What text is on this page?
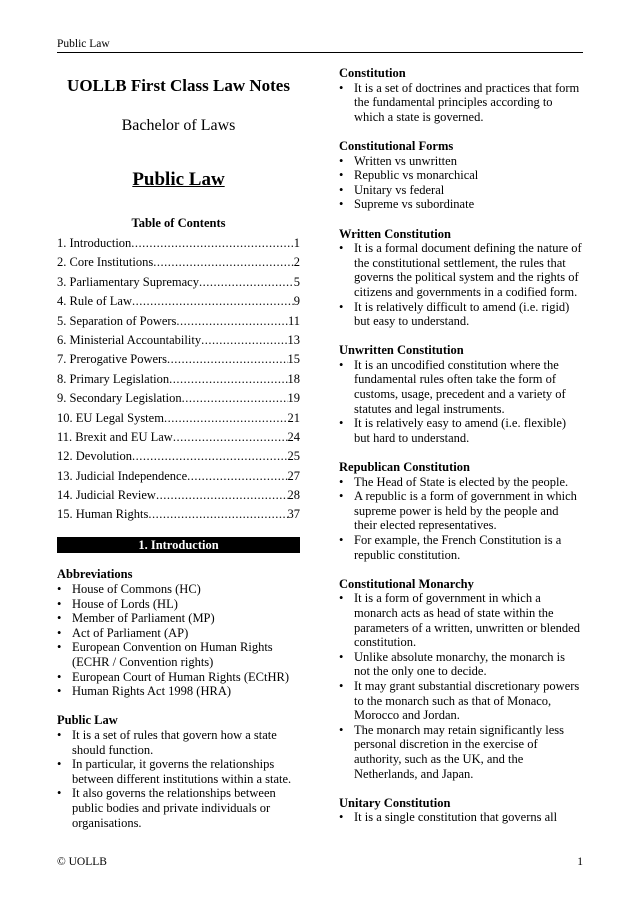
Public Law
UOLLB First Class Law Notes
Bachelor of Laws
Public Law
Table of Contents
1. Introduction .....	1
2. Core Institutions .....	2
3. Parliamentary Supremacy .....	5
4. Rule of Law .....	9
5. Separation of Powers .....	11
6. Ministerial Accountability .....	13
7. Prerogative Powers .....	15
8. Primary Legislation .....	18
9. Secondary Legislation .....	19
10. EU Legal System .....	21
11. Brexit and EU Law .....	24
12. Devolution .....	25
13. Judicial Independence .....	27
14. Judicial Review .....	28
15. Human Rights .....	37
1. Introduction
Abbreviations
• House of Commons (HC)
• House of Lords (HL)
• Member of Parliament (MP)
• Act of Parliament (AP)
• European Convention on Human Rights (ECHR / Convention rights)
• European Court of Human Rights (ECtHR)
• Human Rights Act 1998 (HRA)
Public Law
• It is a set of rules that govern how a state should function.
• In particular, it governs the relationships between different institutions within a state.
• It also governs the relationships between public bodies and private individuals or organisations.
Constitution
• It is a set of doctrines and practices that form the fundamental principles according to which a state is governed.
Constitutional Forms
• Written vs unwritten
• Republic vs monarchical
• Unitary vs federal
• Supreme vs subordinate
Written Constitution
• It is a formal document defining the nature of the constitutional settlement, the rules that governs the political system and the rights of citizens and governments in a codified form.
• It is relatively difficult to amend (i.e. rigid) but easy to understand.
Unwritten Constitution
• It is an uncodified constitution where the fundamental rules often take the form of customs, usage, precedent and a variety of statutes and legal instruments.
• It is relatively easy to amend (i.e. flexible) but hard to understand.
Republican Constitution
• The Head of State is elected by the people.
• A republic is a form of government in which supreme power is held by the people and their elected representatives.
• For example, the French Constitution is a republic constitution.
Constitutional Monarchy
• It is a form of government in which a monarch acts as head of state within the parameters of a written, unwritten or blended constitution.
• Unlike absolute monarchy, the monarch is not the only one to decide.
• It may grant substantial discretionary powers to the monarch such as that of Monaco, Morocco and Jordan.
• The monarch may retain significantly less personal discretion in the exercise of authority, such as the UK, and the Netherlands, and Japan.
Unitary Constitution
• It is a single constitution that governs all
© UOLLB	1
